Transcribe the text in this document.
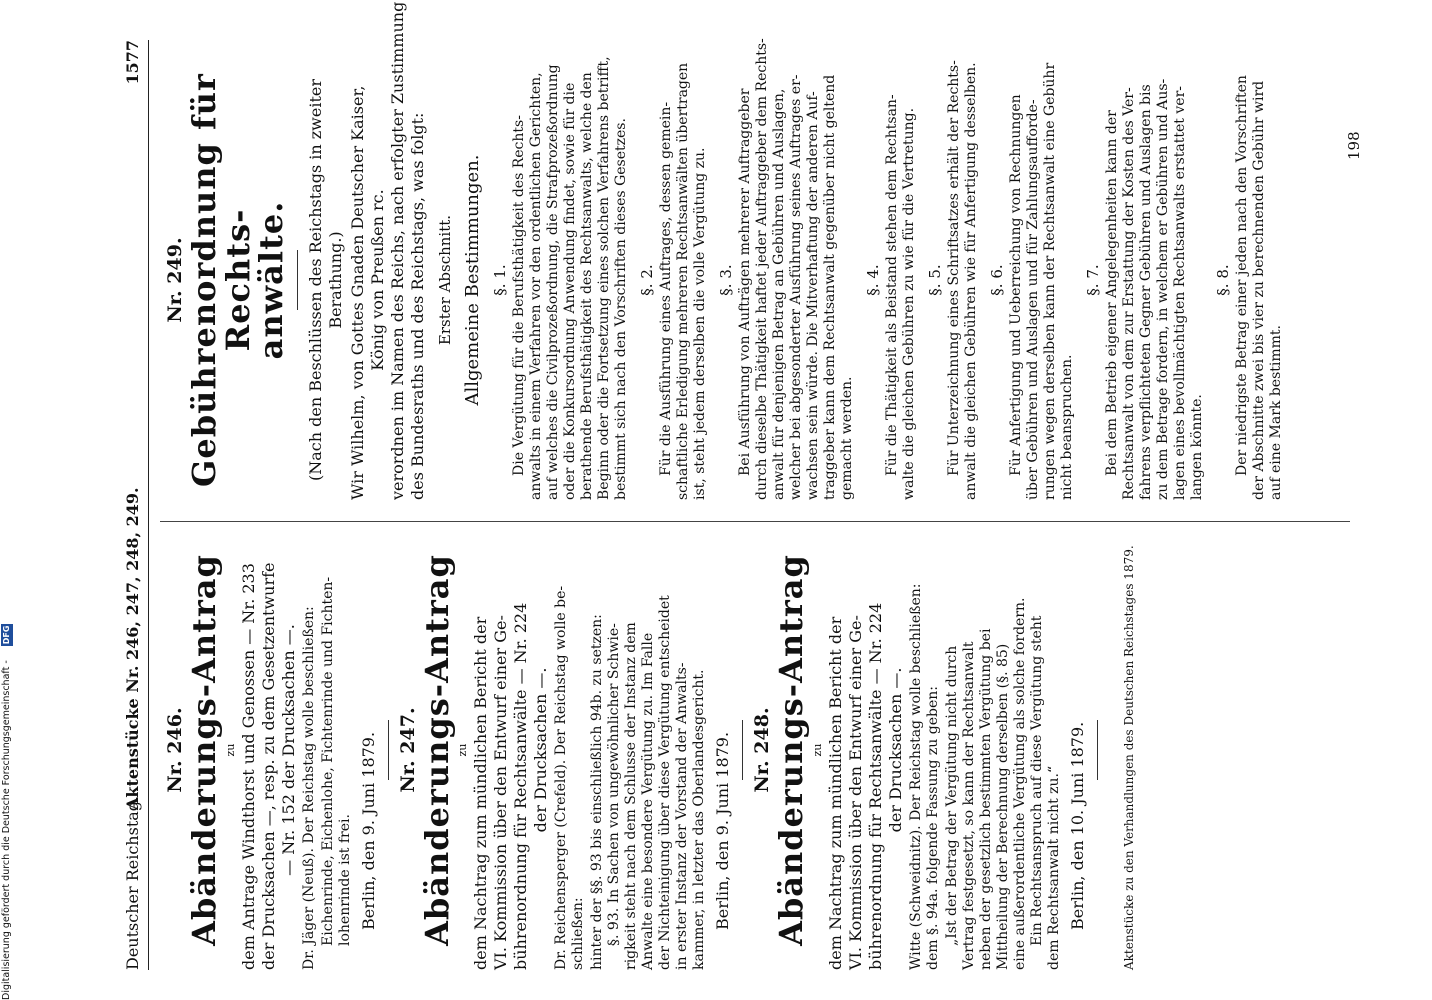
Digitalisierung gefördert durch die Deutsche Forschungsgemeinschaft -
DFG
Deutscher Reichstag.
Aktenstücke Nr. 246, 247, 248, 249.
1577
Nr. 246. Abänderungs-Antrag zu dem Antrage Windthorst und Genossen — Nr. 233 der Drucksachen —, resp. zu dem Gesetzentwurfe — Nr. 152 der Drucksachen —. Dr. Jäger (Neuß). Der Reichstag wolle beschließen: Eichenrinde, Eichenlohe, Fichtenrinde und Fichten- lohenrinde ist frei. Berlin, den 9. Juni 1879. Nr. 247. Abänderungs-Antrag zu dem Nachtrag zum mündlichen Bericht der VI. Kommission über den Entwurf einer Ge- bührenordnung für Rechtsanwälte — Nr. 224 der Drucksachen —. Dr. Reichensperger (Crefeld). Der Reichstag wolle be- schließen: hinter der §§. 93 bis einschließlich 94b. zu setzen: §. 93. In Sachen von ungewöhnlicher Schwie- rigkeit steht nach dem Schlusse der Instanz dem Anwalte eine besondere Vergütung zu. Im Falle der Nichteinigung über diese Vergütung entscheidet in erster Instanz der Vorstand der Anwalts- kammer, in letzter das Oberlandesgericht. Berlin, den 9. Juni 1879. Nr. 248. Abänderungs-Antrag zu dem Nachtrag zum mündlichen Bericht der VI. Kommission über den Entwurf einer Ge- bührenordnung für Rechtsanwälte — Nr. 224 der Drucksachen —. Witte (Schweidnitz). Der Reichstag wolle beschließen: dem §. 94a. folgende Fassung zu geben: „Ist der Betrag der Vergütung nicht durch Vertrag festgesetzt, so kann der Rechtsanwalt neben der gesetzlich bestimmten Vergütung bei Mittheilung der Berechnung derselben (§. 85) eine außerordentliche Vergütung als solche fordern. Ein Rechtsanspruch auf diese Vergütung steht dem Rechtsanwalt nicht zu.“ Berlin, den 10. Juni 1879.	Aktenstücke zu den Verhandlungen des Deutschen Reichstages 1879.
Nr. 249. Gebührenordnung für Rechts-
anwälte. (Nach den Beschlüssen des Reichstags in zweiter Berathung.) Wir Wilhelm, von Gottes Gnaden Deutscher Kaiser, König von Preußen rc. verordnen im Namen des Reichs, nach erfolgter Zustimmung des Bundesraths und des Reichstags, was folgt: Erster Abschnitt. Allgemeine Bestimmungen. §. 1. Die Vergütung für die Berufsthätigkeit des Rechts- anwalts in einem Verfahren vor den ordentlichen Gerichten, auf welches die Civilprozeßordnung, die Strafprozeßordnung oder die Konkursordnung Anwendung findet, sowie für die berathende Berufsthätigkeit des Rechtsanwalts, welche den Beginn oder die Fortsetzung eines solchen Verfahrens betrifft, bestimmt sich nach den Vorschriften dieses Gesetzes. §. 2. Für die Ausführung eines Auftrages, dessen gemein- schaftliche Erledigung mehreren Rechtsanwälten übertragen ist, steht jedem derselben die volle Vergütung zu. §. 3. Bei Ausführung von Aufträgen mehrerer Auftraggeber durch dieselbe Thätigkeit haftet jeder Auftraggeber dem Rechts- anwalt für denjenigen Betrag an Gebühren und Auslagen, welcher bei abgesonderter Ausführung seines Auftrages er- wachsen sein würde. Die Mitverhaftung der anderen Auf- traggeber kann dem Rechtsanwalt gegenüber nicht geltend gemacht werden.
§. 4. Für die Thätigkeit als Beistand stehen dem Rechtsan- walte die gleichen Gebühren zu wie für die Vertretung. §. 5. Für Unterzeichnung eines Schriftsatzes erhält der Rechts- anwalt die gleichen Gebühren wie für Anfertigung desselben. §. 6. Für Anfertigung und Ueberreichung von Rechnungen über Gebühren und Auslagen und für Zahlungsaufforde- rungen wegen derselben kann der Rechtsanwalt eine Gebühr nicht beanspruchen.
§. 7. Bei dem Betrieb eigener Angelegenheiten kann der Rechtsanwalt von dem zur Erstattung der Kosten des Ver- fahrens verpflichteten Gegner Gebühren und Auslagen bis zu dem Betrage fordern, in welchem er Gebühren und Aus- lagen eines bevollmächtigten Rechtsanwalts erstattet ver- langen könnte.
§. 8. Der niedrigste Betrag einer jeden nach den Vorschriften der Abschnitte zwei bis vier zu berechnenden Gebühr wird auf eine Mark bestimmt.
198
